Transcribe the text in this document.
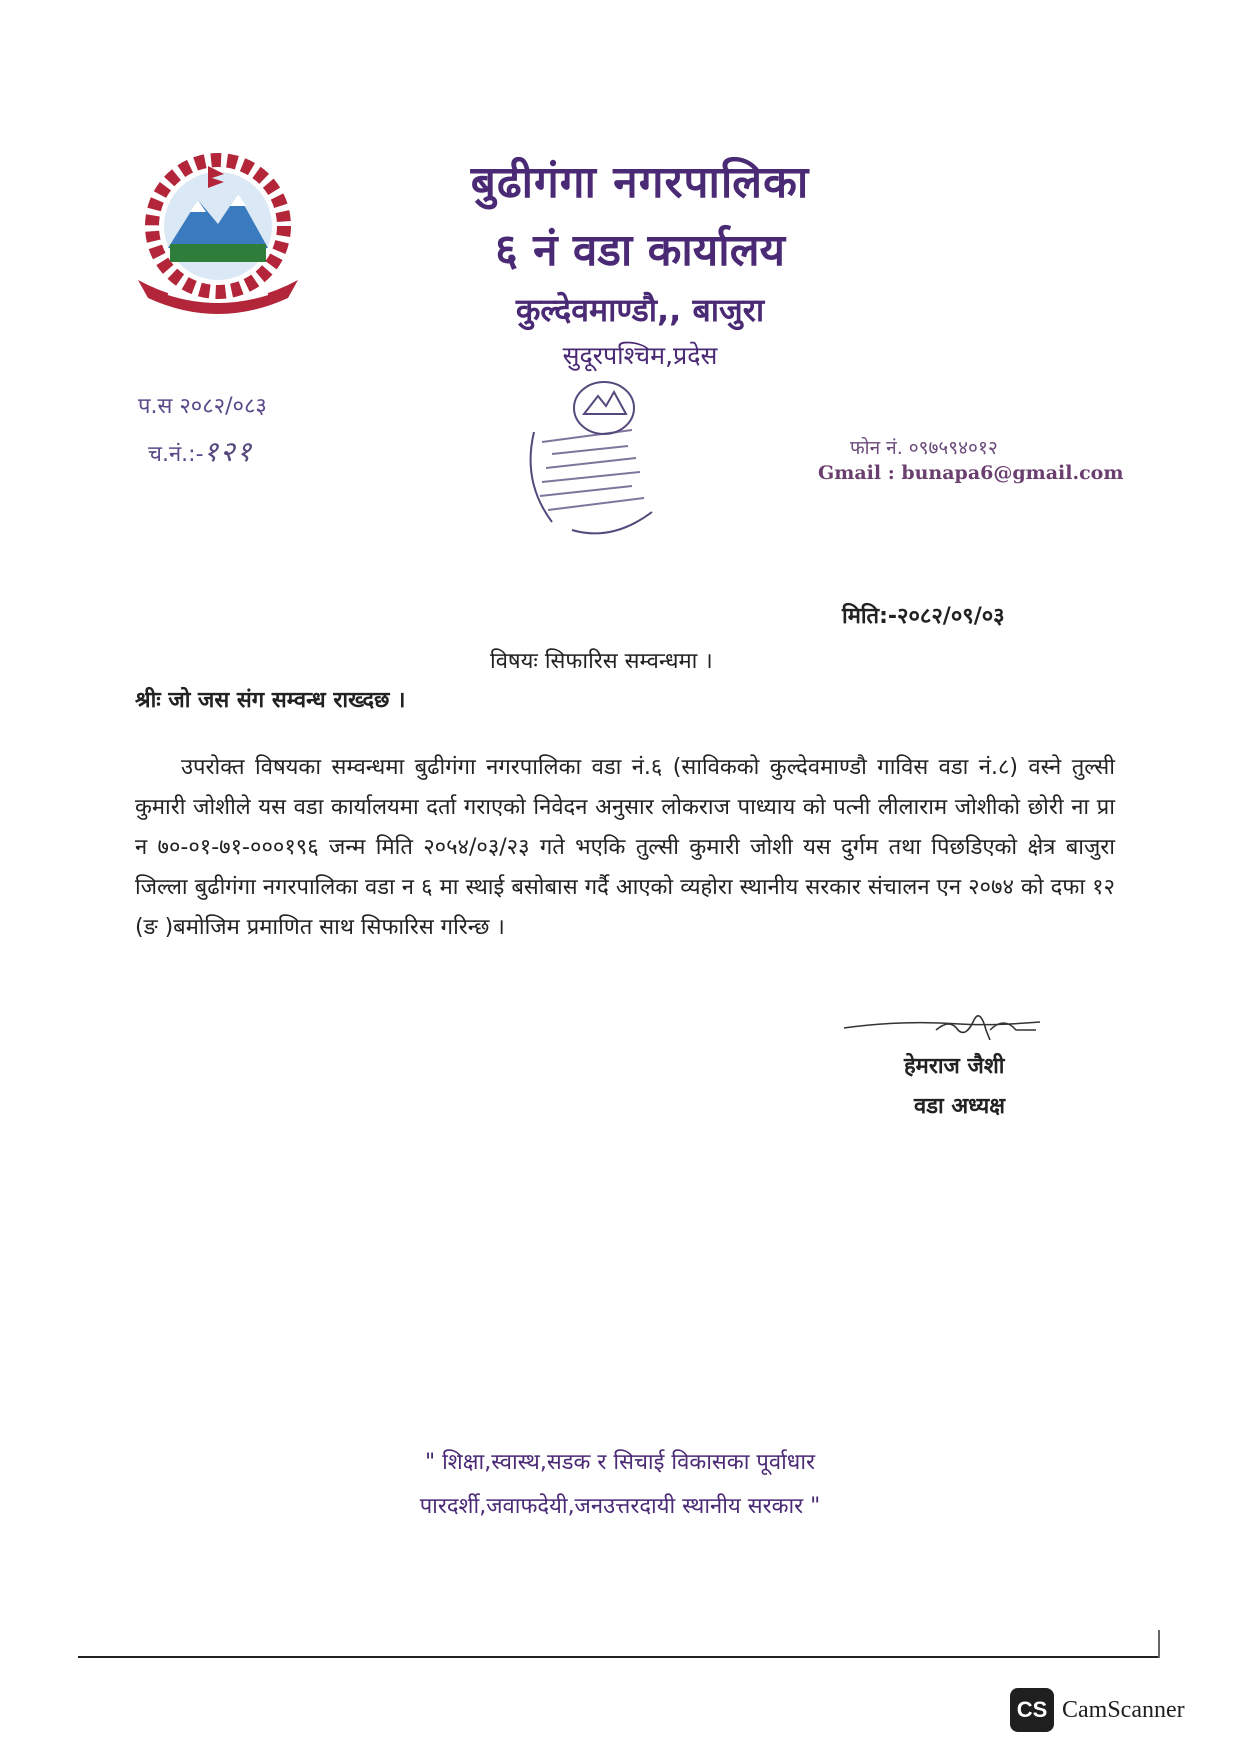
बुढीगंगा नगरपालिका
६ नं वडा कार्यालय
कुल्देवमाण्डौ,, बाजुरा
सुदूरपश्चिम,प्रदेस
प.स २०८२/०८३
च.नं.:-१२१	फोन नं. ०९७५९४०१२
Gmail : bunapa6@gmail.com
मिति:-२०८२/०९/०३
विषयः सिफारिस सम्वन्धमा ।
श्रीः जो जस संग सम्वन्ध राख्दछ ।
उपरोक्त विषयका सम्वन्धमा बुढीगंगा नगरपालिका वडा नं.६ (साविकको कुल्देवमाण्डौ गाविस वडा नं.८) वस्ने तुल्सी कुमारी जोशीले यस वडा कार्यालयमा दर्ता गराएको निवेदन अनुसार लोकराज पाध्याय को पत्नी लीलाराम जोशीको छोरी ना प्रा न ७०-०१-७१-०००१९६ जन्म मिति २०५४/०३/२३ गते भएकि तुल्सी कुमारी जोशी यस दुर्गम तथा पिछडिएको क्षेत्र बाजुरा जिल्ला बुढीगंगा नगरपालिका वडा न ६ मा स्थाई बसोबास गर्दै आएको व्यहोरा स्थानीय सरकार संचालन एन २०७४ को दफा १२ (ङ )बमोजिम प्रमाणित साथ सिफारिस गरिन्छ ।
हेमराज जैशी
वडा अध्यक्ष
" शिक्षा,स्वास्थ,सडक र सिचाई विकासका पूर्वाधार
पारदर्शी,जवाफदेयी,जनउत्तरदायी स्थानीय सरकार "
CS CamScanner
